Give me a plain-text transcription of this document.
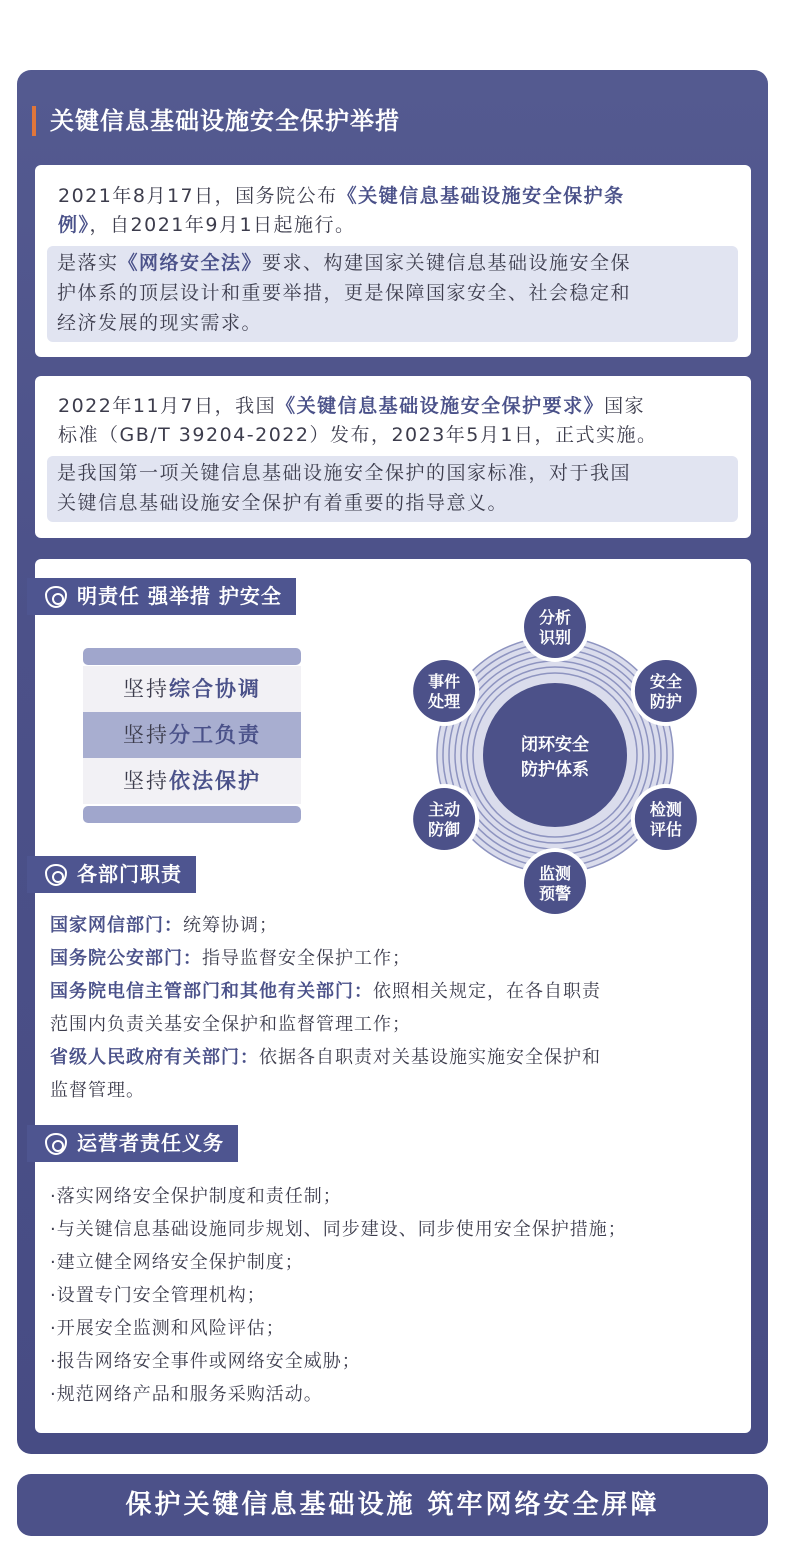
关键信息基础设施安全保护举措
2021年8月17日，国务院公布《关键信息基础设施安全保护条
例》，自2021年9月1日起施行。
是落实《网络安全法》要求、构建国家关键信息基础设施安全保
护体系的顶层设计和重要举措，更是保障国家安全、社会稳定和
经济发展的现实需求。
2022年11月7日，我国《关键信息基础设施安全保护要求》国家
标准（GB/T 39204-2022）发布，2023年5月1日，正式实施。
是我国第一项关键信息基础设施安全保护的国家标准，对于我国
关键信息基础设施安全保护有着重要的指导意义。
明责任 强举措 护安全
坚持综合协调
坚持分工负责
坚持依法保护
闭环安全
防护体系
分析
识别
安全
防护
检测
评估
监测
预警
主动
防御
事件
处理
各部门职责
国家网信部门：统筹协调；
国务院公安部门：指导监督安全保护工作；
国务院电信主管部门和其他有关部门：依照相关规定，在各自职责
范围内负责关基安全保护和监督管理工作；
省级人民政府有关部门：依据各自职责对关基设施实施安全保护和
监督管理。
运营者责任义务
·落实网络安全保护制度和责任制；
·与关键信息基础设施同步规划、同步建设、同步使用安全保护措施；
·建立健全网络安全保护制度；
·设置专门安全管理机构；
·开展安全监测和风险评估；
·报告网络安全事件或网络安全威胁；
·规范网络产品和服务采购活动。
保护关键信息基础设施 筑牢网络安全屏障
